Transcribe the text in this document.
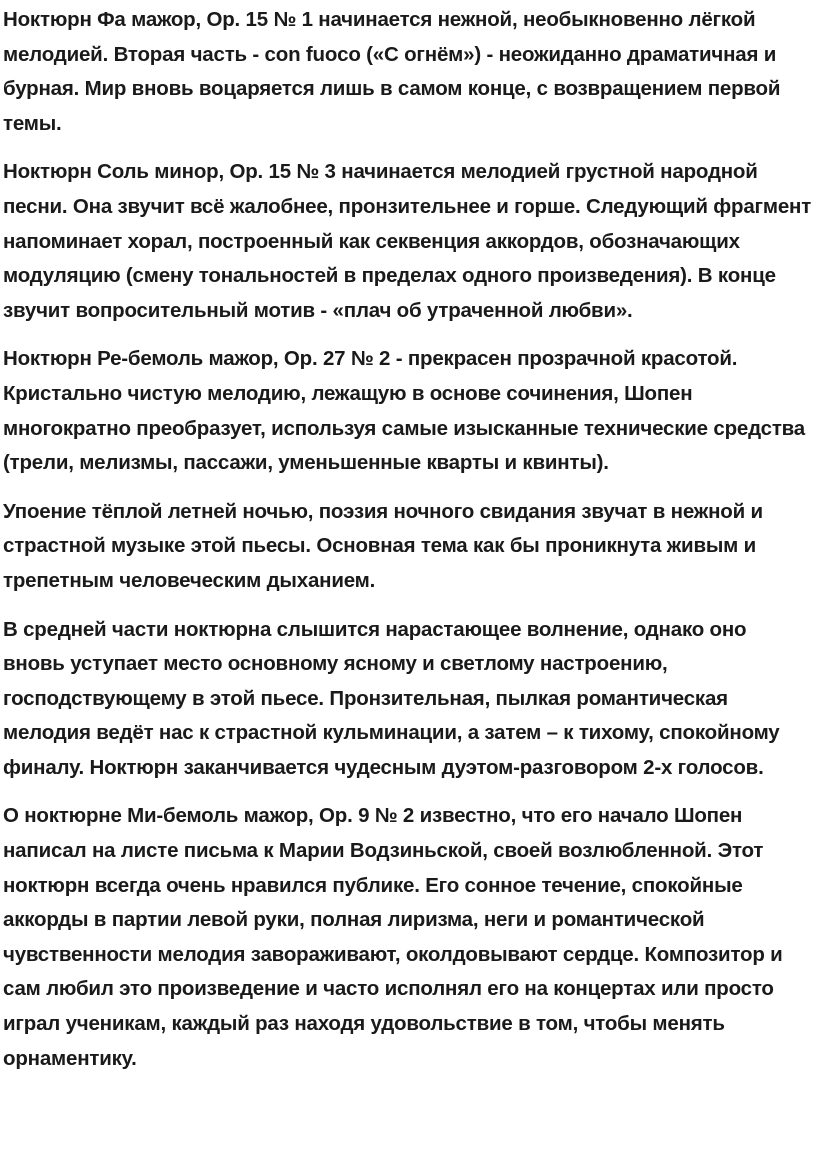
Ноктюрн Фа мажор, Op. 15 № 1 начинается нежной, необыкновенно лёгкой мелодией. Вторая часть - con fuoco («С огнём») - неожиданно драматичная и бурная. Мир вновь воцаряется лишь в самом конце, с возвращением первой темы.

Ноктюрн Соль минор, Op. 15 № 3 начинается мелодией грустной народной песни. Она звучит всё жалобнее, пронзительнее и горше. Следующий фрагмент напоминает хорал, построенный как секвенция аккордов, обозначающих модуляцию (смену тональностей в пределах одного произведения). В конце звучит вопросительный мотив - «плач об утраченной любви».

Ноктюрн Ре-бемоль мажор, Op. 27 № 2 - прекрасен прозрачной красотой. Кристально чистую мелодию, лежащую в основе сочинения, Шопен многократно преобразует, используя самые изысканные технические средства (трели, мелизмы, пассажи, уменьшенные кварты и квинты).

Упоение тёплой летней ночью, поэзия ночного свидания звучат в нежной и страстной музыке этой пьесы. Основная тема как бы проникнута живым и трепетным человеческим дыханием.

В средней части ноктюрна слышится нарастающее волнение, однако оно вновь уступает место основному ясному и светлому настроению, господствующему в этой пьесе. Пронзительная, пылкая романтическая мелодия ведёт нас к страстной кульминации, а затем – к тихому, спокойному финалу. Ноктюрн заканчивается чудесным дуэтом-разговором 2-х голосов.

О ноктюрне Ми-бемоль мажор, Op. 9 № 2 известно, что его начало Шопен написал на листе письма к Марии Водзиньской, своей возлюбленной. Этот ноктюрн всегда очень нравился публике. Его сонное течение, спокойные аккорды в партии левой руки, полная лиризма, неги и романтической чувственности мелодия завораживают, околдовывают сердце. Композитор и сам любил это произведение и часто исполнял его на концертах или просто играл ученикам, каждый раз находя удовольствие в том, чтобы менять орнаментику.
